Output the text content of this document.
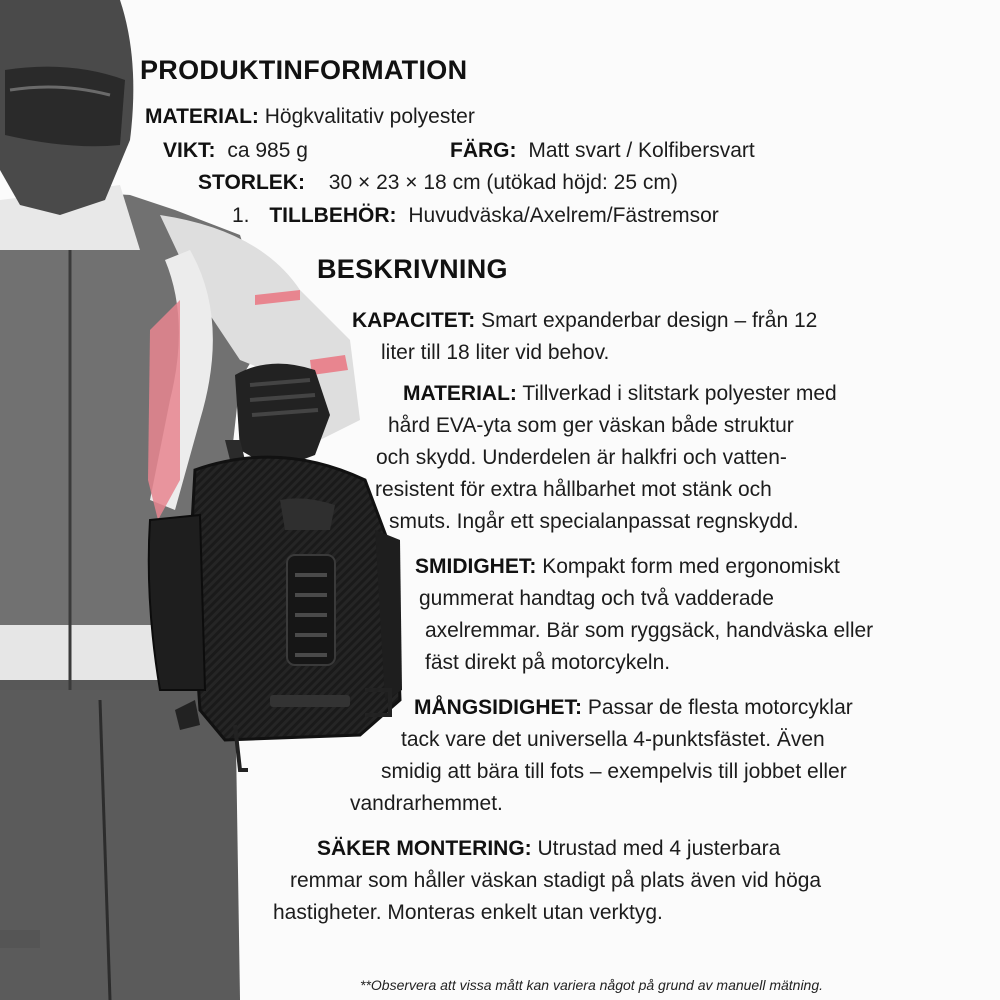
PRODUKTINFORMATION
MATERIAL: Högkvalitativ polyester
VIKT: ca 985 g	FÄRG: Matt svart / Kolfibersvart
STORLEK: 30 × 23 × 18 cm (utökad höjd: 25 cm)
1. TILLBEHÖR: Huvudväska/Axelrem/Fästremsor
BESKRIVNING
KAPACITET: Smart expanderbar design – från 12
liter till 18 liter vid behov.
MATERIAL: Tillverkad i slitstark polyester med
hård EVA-yta som ger väskan både struktur
och skydd. Underdelen är halkfri och vatten-
resistent för extra hållbarhet mot stänk och
smuts. Ingår ett specialanpassat regnskydd.
SMIDIGHET: Kompakt form med ergonomiskt
gummerat handtag och två vadderade
axelremmar. Bär som ryggsäck, handväska eller
fäst direkt på motorcykeln.
MÅNGSIDIGHET: Passar de flesta motorcyklar
tack vare det universella 4-punktsfästet. Även
smidig att bära till fots – exempelvis till jobbet eller
vandrarhemmet.
SÄKER MONTERING: Utrustad med 4 justerbara
remmar som håller väskan stadigt på plats även vid höga
hastigheter. Monteras enkelt utan verktyg.
**Observera att vissa mått kan variera något på grund av manuell mätning.
